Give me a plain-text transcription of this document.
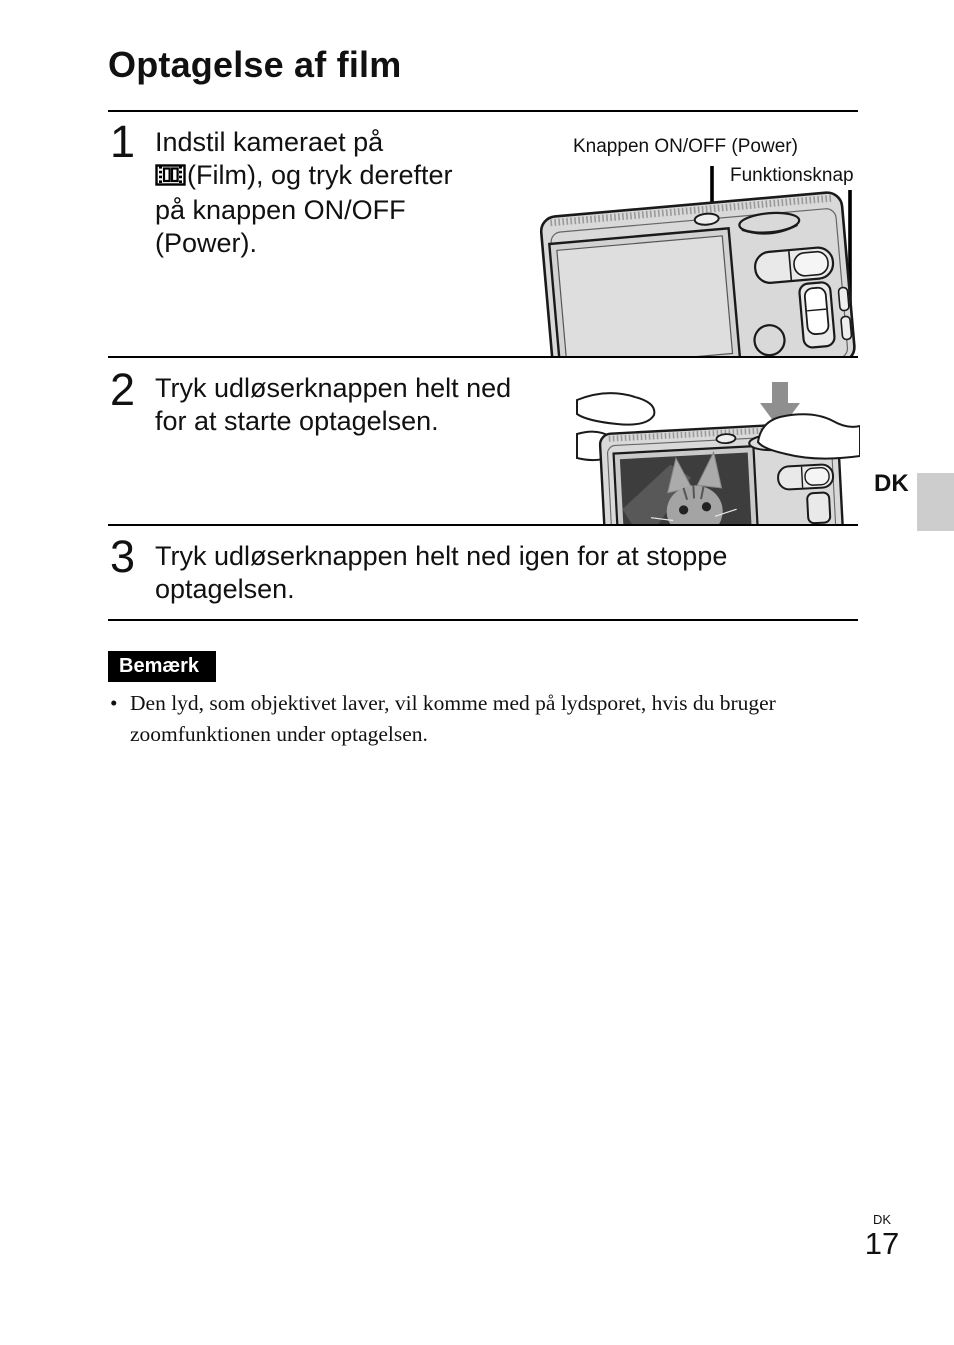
Optagelse af film
1 Indstil kameraet på
(Film), og tryk derefter
på knappen ON/OFF
(Power).
Knappen ON/OFF (Power)
Funktionsknap
2 Tryk udløserknappen helt ned
for at starte optagelsen.
DK
3 Tryk udløserknappen helt ned igen for at stoppe
optagelsen.
Bemærk
• Den lyd, som objektivet laver, vil komme med på lydsporet, hvis du bruger zoomfunktionen under optagelsen.
DK
17
